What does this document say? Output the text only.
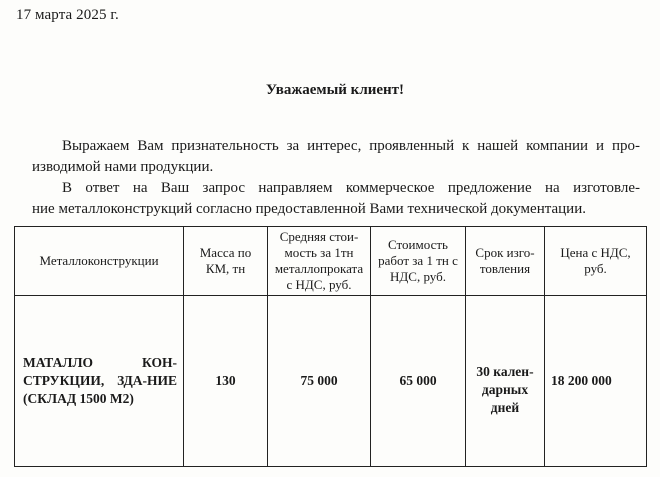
17 марта 2025 г.
Уважаемый клиент!

Выражаем Вам признательность за интерес, проявленный к нашей компании и про-
изводимой нами продукции.

В ответ на Ваш запрос направляем коммерческое предложение на изготовле-
ние металлоконструкций согласно предоставленной Вами технической документации.

Металлоконструкции	Масса по КМ, тн	Средняя стои-мость за 1тн металлопроката с НДС, руб.	Стоимость работ за 1 тн с НДС, руб.	Срок изго-товления	Цена с НДС, руб.

МАТАЛЛО КОН-СТРУКЦИИ, ЗДА-НИЕ (СКЛАД 1500 М2)	130	75 000	65 000	30 кален-дарных дней	18 200 000
